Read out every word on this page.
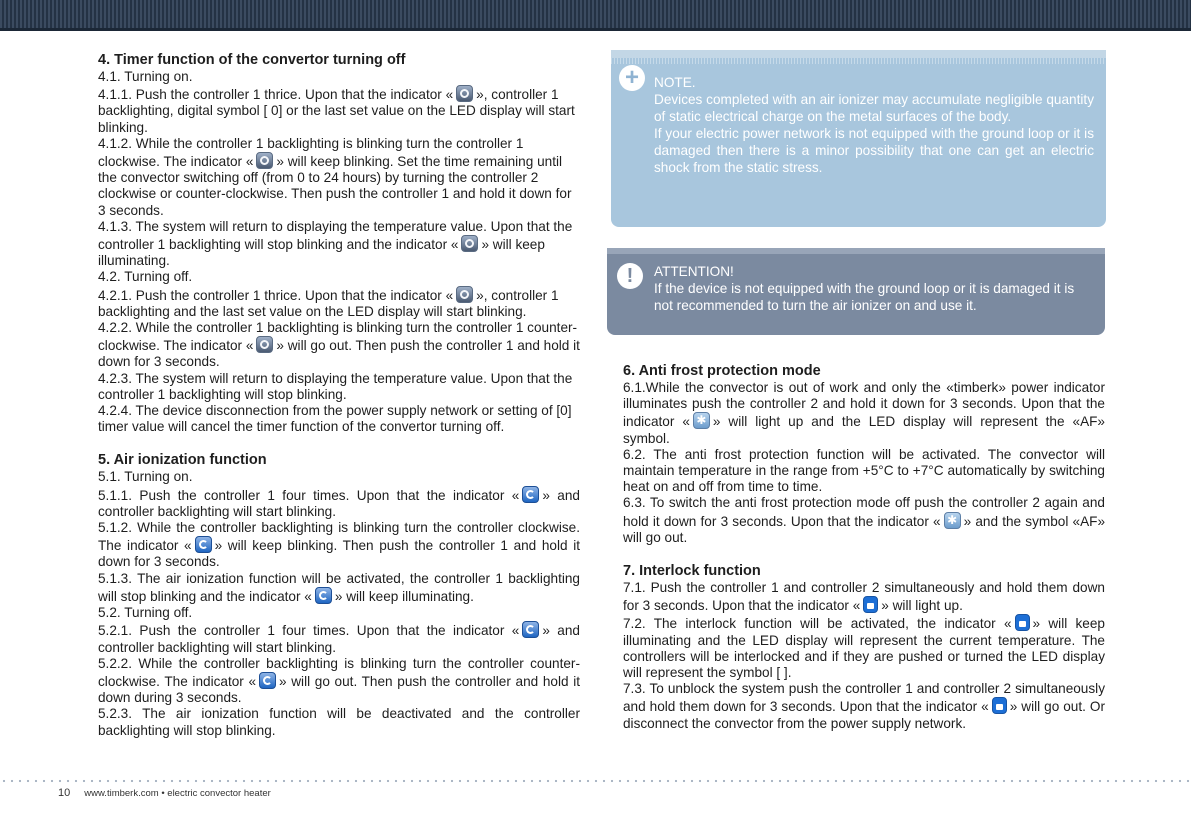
4. Timer function of the convertor turning off

4.1. Turning on.

4.1.1. Push the controller 1 thrice. Upon that the indicator « », controller 1 backlighting, digital symbol [ 0] or the last set value on the LED display will start blinking.

4.1.2. While the controller 1 backlighting is blinking turn the controller 1 clockwise. The indicator « » will keep blinking. Set the time remaining until the convector switching off (from 0 to 24 hours) by turning the controller 2 clockwise or counter-clockwise. Then push the controller 1 and hold it down for 3 seconds.

4.1.3. The system will return to displaying the temperature value. Upon that the controller 1 backlighting will stop blinking and the indicator « » will keep illuminating.

4.2. Turning off.

4.2.1. Push the controller 1 thrice. Upon that the indicator « », controller 1 backlighting and the last set value on the LED display will start blinking.

4.2.2. While the controller 1 backlighting is blinking turn the controller 1 counter-clockwise. The indicator « » will go out. Then push the controller 1 and hold it down for 3 seconds.

4.2.3. The system will return to displaying the temperature value. Upon that the controller 1 backlighting will stop blinking.

4.2.4. The device disconnection from the power supply network or setting of [0] timer value will cancel the timer function of the convertor turning off.

5. Air ionization function

5.1. Turning on.

5.1.1. Push the controller 1 four times. Upon that the indicator « » and controller backlighting will start blinking.

5.1.2. While the controller backlighting is blinking turn the controller clockwise. The indicator « » will keep blinking. Then push the controller 1 and hold it down for 3 seconds.

5.1.3. The air ionization function will be activated, the controller 1 backlighting will stop blinking and the indicator « » will keep illuminating.

5.2. Turning off.

5.2.1. Push the controller 1 four times. Upon that the indicator « » and controller backlighting will start blinking.

5.2.2. While the controller backlighting is blinking turn the controller counter- clockwise. The indicator « » will go out. Then push the controller and hold it down during 3 seconds.

5.2.3. The air ionization function will be deactivated and the controller backlighting will stop blinking.

+	NOTE.

Devices completed with an air ionizer may accumulate negligible quantity of static electrical charge on the metal surfaces of the body.

If your electric power network is not equipped with the ground loop or it is damaged then there is a minor possibility that one can get an electric shock from the static stress.

!	ATTENTION!

If the device is not equipped with the ground loop or it is damaged it is not recommended to turn the air ionizer on and use it.

6. Anti frost protection mode

6.1.While the convector is out of work and only the «timberk» power indicator illuminates push the controller 2 and hold it down for 3 seconds. Upon that the indicator « ✱ » will light up and the LED display will represent the «AF» symbol.

6.2. The anti frost protection function will be activated. The convector will maintain temperature in the range from +5°C to +7°C automatically by switching heat on and off from time to time.

6.3. To switch the anti frost protection mode off push the controller 2 again and hold it down for 3 seconds. Upon that the indicator « ✱ » and the symbol «AF» will go out.

7. Interlock function

7.1. Push the controller 1 and controller 2 simultaneously and hold them down for 3 seconds. Upon that the indicator « » will light up.

7.2. The interlock function will be activated, the indicator « » will keep illuminating and the LED display will represent the current temperature. The controllers will be interlocked and if they are pushed or turned the LED display will represent the symbol [ ].

7.3. To unblock the system push the controller 1 and controller 2 simultaneously and hold them down for 3 seconds. Upon that the indicator « » will go out. Or disconnect the convector from the power supply network.

10 www.timberk.com • electric convector heater
